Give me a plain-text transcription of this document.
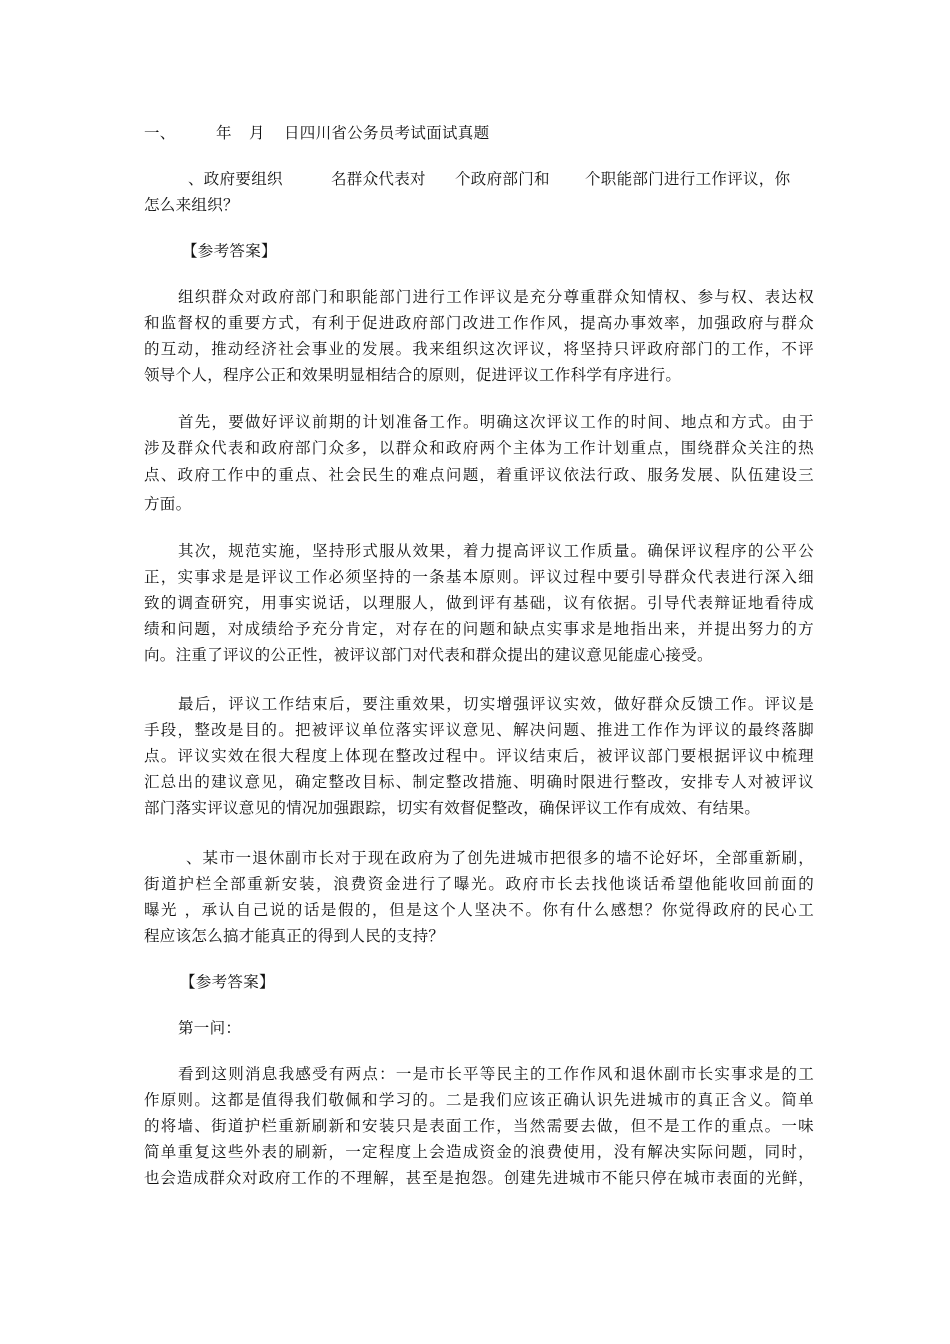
一、	年 月 日四川省公务员考试面试真题
、政府要组织	名群众代表对 个政府部门和 个职能部门进行工作评议，你
怎么来组织？
【参考答案】
组织群众对政府部门和职能部门进行工作评议是充分尊重群众知情权、参与权、表达权
和监督权的重要方式，有利于促进政府部门改进工作作风，提高办事效率，加强政府与群众
的互动，推动经济社会事业的发展。我来组织这次评议，将坚持只评政府部门的工作，不评
领导个人，程序公正和效果明显相结合的原则，促进评议工作科学有序进行。
首先，要做好评议前期的计划准备工作。明确这次评议工作的时间、地点和方式。由于
涉及群众代表和政府部门众多，以群众和政府两个主体为工作计划重点，围绕群众关注的热
点、政府工作中的重点、社会民生的难点问题，着重评议依法行政、服务发展、队伍建设三
方面。
其次，规范实施，坚持形式服从效果，着力提高评议工作质量。确保评议程序的公平公
正，实事求是是评议工作必须坚持的一条基本原则。评议过程中要引导群众代表进行深入细
致的调查研究，用事实说话，以理服人，做到评有基础，议有依据。引导代表辩证地看待成
绩和问题，对成绩给予充分肯定，对存在的问题和缺点实事求是地指出来，并提出努力的方
向。注重了评议的公正性，被评议部门对代表和群众提出的建议意见能虚心接受。
最后，评议工作结束后，要注重效果，切实增强评议实效，做好群众反馈工作。评议是
手段，整改是目的。把被评议单位落实评议意见、解决问题、推进工作作为评议的最终落脚
点。评议实效在很大程度上体现在整改过程中。评议结束后，被评议部门要根据评议中梳理
汇总出的建议意见，确定整改目标、制定整改措施、明确时限进行整改，安排专人对被评议
部门落实评议意见的情况加强跟踪，切实有效督促整改，确保评议工作有成效、有结果。
、某市一退休副市长对于现在政府为了创先进城市把很多的墙不论好坏，全部重新刷，
街道护栏全部重新安装，浪费资金进行了曝光。政府市长去找他谈话希望他能收回前面的
曝光 ，承认自己说的话是假的，但是这个人坚决不。你有什么感想？你觉得政府的民心工
程应该怎么搞才能真正的得到人民的支持？
【参考答案】
第一问：
看到这则消息我感受有两点：一是市长平等民主的工作作风和退休副市长实事求是的工
作原则。这都是值得我们敬佩和学习的。二是我们应该正确认识先进城市的真正含义。简单
的将墙、街道护栏重新刷新和安装只是表面工作，当然需要去做，但不是工作的重点。一味
简单重复这些外表的刷新，一定程度上会造成资金的浪费使用，没有解决实际问题，同时，
也会造成群众对政府工作的不理解，甚至是抱怨。创建先进城市不能只停在城市表面的光鲜，
